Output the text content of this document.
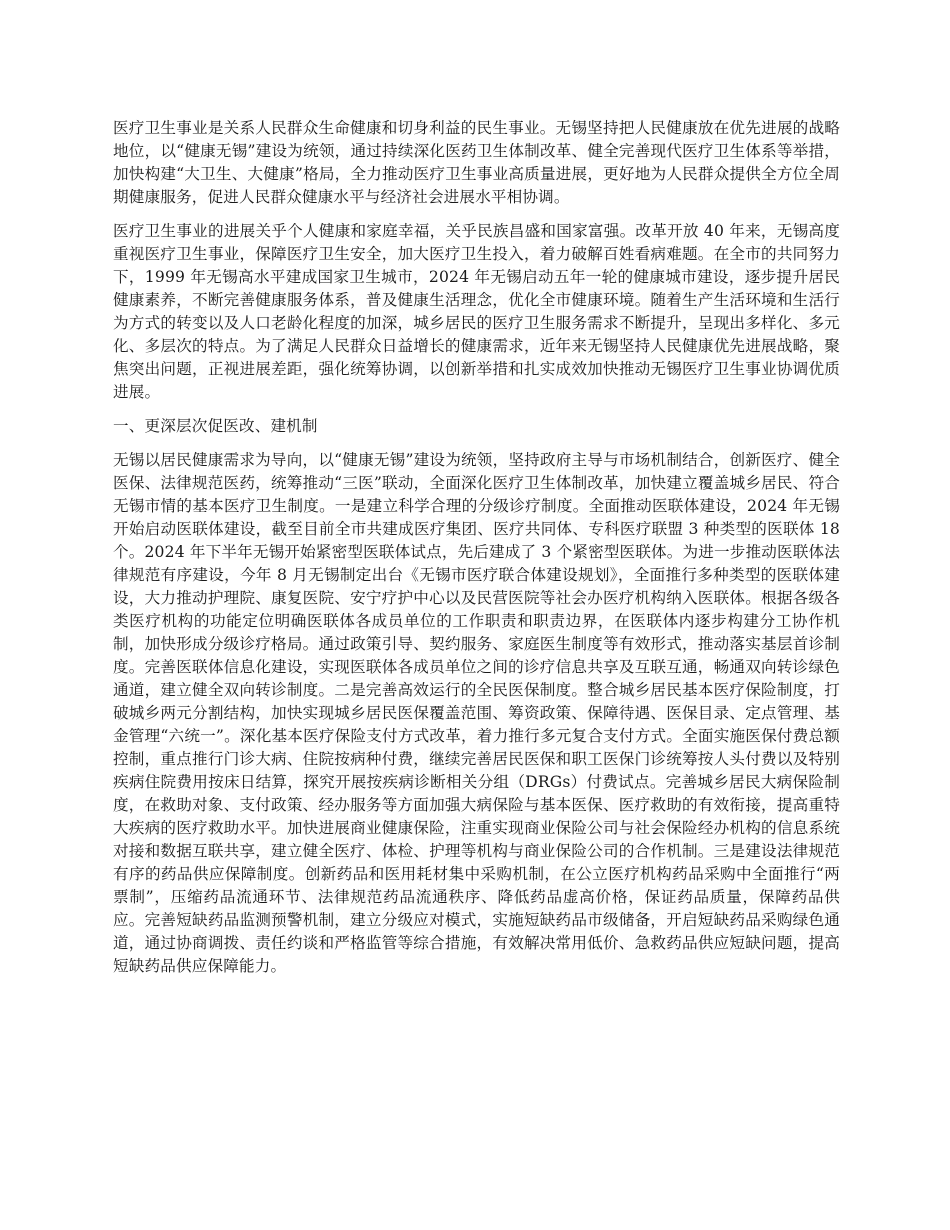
医疗卫生事业是关系人民群众生命健康和切身利益的民生事业。无锡坚持把人民健康放在优先进展的战略地位，以“健康无锡”建设为统领，通过持续深化医药卫生体制改革、健全完善现代医疗卫生体系等举措，加快构建“大卫生、大健康”格局，全力推动医疗卫生事业高质量进展，更好地为人民群众提供全方位全周期健康服务，促进人民群众健康水平与经济社会进展水平相协调。

医疗卫生事业的进展关乎个人健康和家庭幸福，关乎民族昌盛和国家富强。改革开放 40 年来，无锡高度重视医疗卫生事业，保障医疗卫生安全，加大医疗卫生投入，着力破解百姓看病难题。在全市的共同努力下，1999 年无锡高水平建成国家卫生城市，2024 年无锡启动五年一轮的健康城市建设，逐步提升居民健康素养，不断完善健康服务体系，普及健康生活理念，优化全市健康环境。随着生产生活环境和生活行为方式的转变以及人口老龄化程度的加深，城乡居民的医疗卫生服务需求不断提升，呈现出多样化、多元化、多层次的特点。为了满足人民群众日益增长的健康需求，近年来无锡坚持人民健康优先进展战略，聚焦突出问题，正视进展差距，强化统筹协调，以创新举措和扎实成效加快推动无锡医疗卫生事业协调优质进展。

一、更深层次促医改、建机制

无锡以居民健康需求为导向，以“健康无锡”建设为统领，坚持政府主导与市场机制结合，创新医疗、健全医保、法律规范医药，统筹推动“三医”联动，全面深化医疗卫生体制改革，加快建立覆盖城乡居民、符合无锡市情的基本医疗卫生制度。一是建立科学合理的分级诊疗制度。全面推动医联体建设，2024 年无锡开始启动医联体建设，截至目前全市共建成医疗集团、医疗共同体、专科医疗联盟 3 种类型的医联体 18 个。2024 年下半年无锡开始紧密型医联体试点，先后建成了 3 个紧密型医联体。为进一步推动医联体法律规范有序建设，今年 8 月无锡制定出台《无锡市医疗联合体建设规划》，全面推行多种类型的医联体建设，大力推动护理院、康复医院、安宁疗护中心以及民营医院等社会办医疗机构纳入医联体。根据各级各类医疗机构的功能定位明确医联体各成员单位的工作职责和职责边界，在医联体内逐步构建分工协作机制，加快形成分级诊疗格局。通过政策引导、契约服务、家庭医生制度等有效形式，推动落实基层首诊制度。完善医联体信息化建设，实现医联体各成员单位之间的诊疗信息共享及互联互通，畅通双向转诊绿色通道，建立健全双向转诊制度。二是完善高效运行的全民医保制度。整合城乡居民基本医疗保险制度，打破城乡两元分割结构，加快实现城乡居民医保覆盖范围、筹资政策、保障待遇、医保目录、定点管理、基金管理“六统一”。深化基本医疗保险支付方式改革，着力推行多元复合支付方式。全面实施医保付费总额控制，重点推行门诊大病、住院按病种付费，继续完善居民医保和职工医保门诊统筹按人头付费以及特别疾病住院费用按床日结算，探究开展按疾病诊断相关分组（DRGs）付费试点。完善城乡居民大病保险制度，在救助对象、支付政策、经办服务等方面加强大病保险与基本医保、医疗救助的有效衔接，提高重特大疾病的医疗救助水平。加快进展商业健康保险，注重实现商业保险公司与社会保险经办机构的信息系统对接和数据互联共享，建立健全医疗、体检、护理等机构与商业保险公司的合作机制。三是建设法律规范有序的药品供应保障制度。创新药品和医用耗材集中采购机制，在公立医疗机构药品采购中全面推行“两票制”，压缩药品流通环节、法律规范药品流通秩序、降低药品虚高价格，保证药品质量，保障药品供应。完善短缺药品监测预警机制，建立分级应对模式，实施短缺药品市级储备，开启短缺药品采购绿色通道，通过协商调拨、责任约谈和严格监管等综合措施，有效解决常用低价、急救药品供应短缺问题，提高短缺药品供应保障能力。
